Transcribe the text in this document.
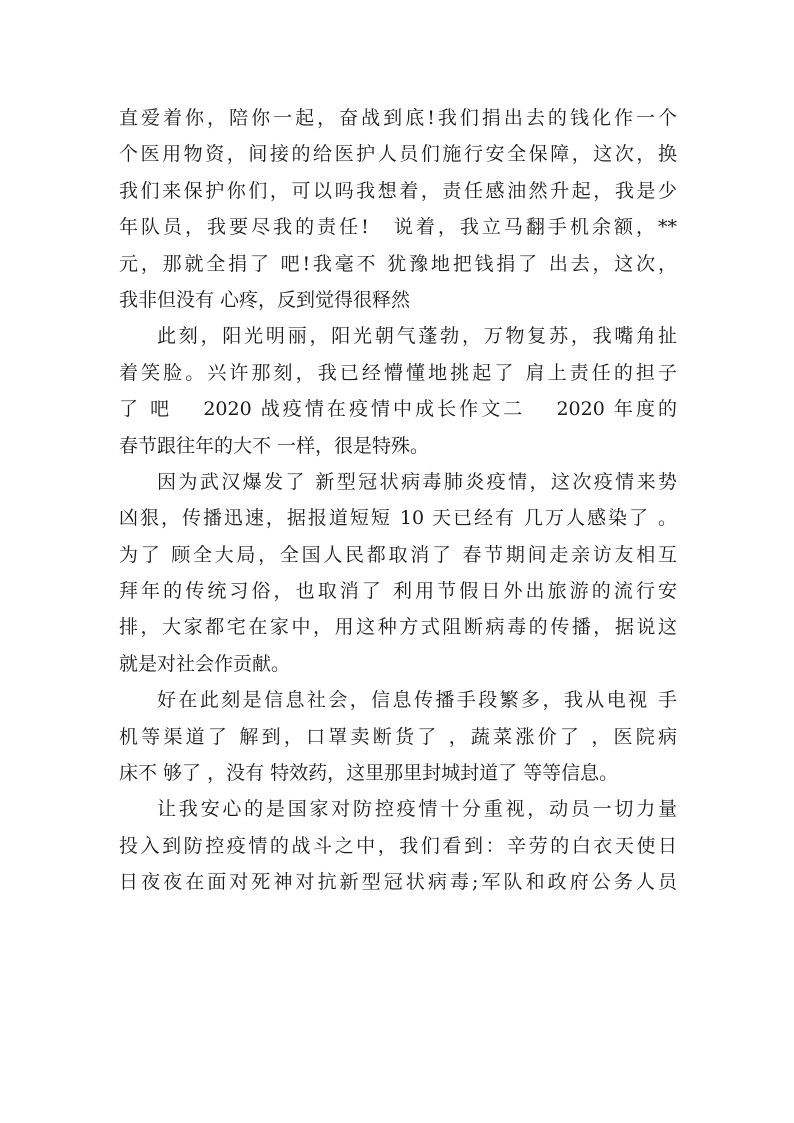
直爱着你，陪你一起，奋战到底!我们捐出去的钱化作一个
个医用物资，间接的给医护人员们施行安全保障，这次，换
我们来保护你们，可以吗我想着，责任感油然升起，我是少
年队员，我要尽我的责任!　说着，我立马翻手机余额，**
元，那就全捐了 吧!我毫不 犹豫地把钱捐了 出去，这次，
我非但没有 心疼，反到觉得很释然
此刻，阳光明丽，阳光朝气蓬勃，万物复苏，我嘴角扯
着笑脸。兴许那刻，我已经懵懂地挑起了 肩上责任的担子
了 吧　 2020 战疫情在疫情中成长作文二　 2020 年度的
春节跟往年的大不 一样，很是特殊。
因为武汉爆发了 新型冠状病毒肺炎疫情，这次疫情来势
凶狠，传播迅速，据报道短短 10 天已经有 几万人感染了 。
为了 顾全大局，全国人民都取消了 春节期间走亲访友相互
拜年的传统习俗，也取消了 利用节假日外出旅游的流行安
排，大家都宅在家中，用这种方式阻断病毒的传播，据说这
就是对社会作贡献。
好在此刻是信息社会，信息传播手段繁多，我从电视 手
机等渠道了 解到，口罩卖断货了 ，蔬菜涨价了 ，医院病
床不 够了 ，没有 特效药，这里那里封城封道了 等等信息。
让我安心的是国家对防控疫情十分重视，动员一切力量
投入到防控疫情的战斗之中，我们看到：辛劳的白衣天使日
日夜夜在面对死神对抗新型冠状病毒;军队和政府公务人员
